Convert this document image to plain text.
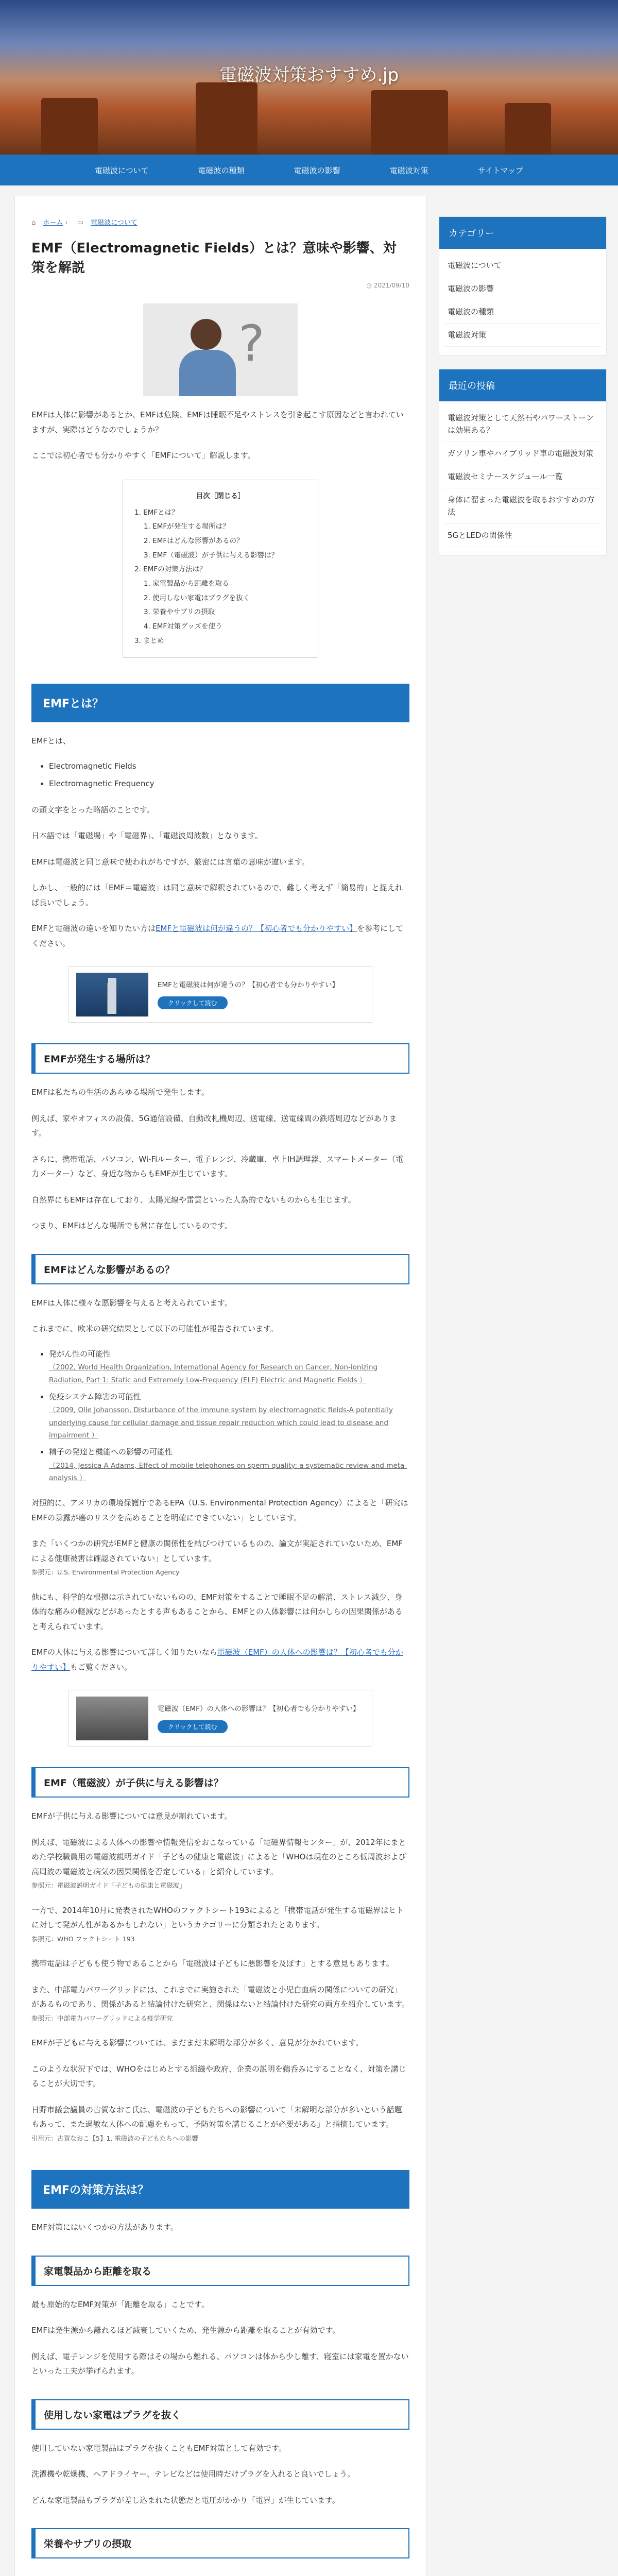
電磁波対策おすすめ.jp
電磁波について	電磁波の種類	電磁波の影響	電磁波対策	サイトマップ
⌂ ホーム › ▭ 電磁波について
EMF（Electromagnetic Fields）とは？意味や影響、対策を解説
◷ 2021/09/10
?

EMFは人体に影響があるとか、EMFは危険、EMFは睡眠不足やストレスを引き起こす原因などと言われていますが、実際はどうなのでしょうか？

ここでは初心者でも分かりやすく「EMFについて」解説します。

目次［閉じる］
1. EMFとは？
1. EMFが発生する場所は？
2. EMFはどんな影響があるの？
3. EMF（電磁波）が子供に与える影響は？
2. EMFの対策方法は？
1. 家電製品から距離を取る
2. 使用しない家電はプラグを抜く
3. 栄養やサプリの摂取
4. EMF対策グッズを使う
3. まとめ
EMFとは？

EMFとは、

• Electromagnetic Fields
• Electromagnetic Frequency

の頭文字をとった略語のことです。

日本語では「電磁場」や「電磁界」、「電磁波周波数」となります。

EMFは電磁波と同じ意味で使われがちですが、厳密には言葉の意味が違います。

しかし、一般的には「EMF＝電磁波」は同じ意味で解釈されているので、難しく考えず「簡易的」と捉えれば良いでしょう。

EMFと電磁波の違いを知りたい方はEMFと電磁波は何が違うの？【初心者でも分かりやすい】を参考にしてください。

EMFと電磁波は何が違うの？【初心者でも分かりやすい】
クリックして読む
EMFが発生する場所は？

EMFは私たちの生活のあらゆる場所で発生します。

例えば、家やオフィスの設備、5G通信設備、自動改札機周辺、送電線、送電線間の鉄塔周辺などがあります。

さらに、携帯電話、パソコン、Wi-Fiルーター、電子レンジ、冷蔵庫、卓上IH調理器、スマートメーター（電力メーター）など、身近な物からもEMFが生じています。

自然界にもEMFは存在しており、太陽光線や雷雲といった人為的でないものからも生じます。

つまり、EMFはどんな場所でも常に存在しているのです。

EMFはどんな影響があるの？

EMFは人体に様々な悪影響を与えると考えられています。

これまでに、欧米の研究結果として以下の可能性が報告されています。

• 発がん性の可能性
（2002, World Health Organization, International Agency for Research on Cancer, Non-ionizing Radiation, Part 1: Static and Extremely Low-Frequency (ELF) Electric and Magnetic Fields ）
• 免疫システム障害の可能性
（2009, Olle Johansson, Disturbance of the immune system by electromagnetic fields-A potentially underlying cause for cellular damage and tissue repair reduction which could lead to disease and impairment ）
• 精子の発達と機能への影響の可能性
（2014, Jessica A Adams, Effect of mobile telephones on sperm quality: a systematic review and meta-analysis ）

対照的に、アメリカの環境保護庁であるEPA（U.S. Environmental Protection Agency）によると「研究はEMFの暴露が癌のリスクを高めることを明確にできていない」としています。

また「いくつかの研究がEMFと健康の関係性を結びつけているものの、論文が実証されていないため、EMFによる健康被害は確認されていない」としています。

参照元：U.S. Environmental Protection Agency

他にも、科学的な根拠は示されていないものの、EMF対策をすることで睡眠不足の解消、ストレス減少、身体的な痛みの軽減などがあったとする声もあることから、EMFとの人体影響には何かしらの因果関係があると考えられています。

EMFの人体に与える影響について詳しく知りたいなら電磁波（EMF）の人体への影響は？【初心者でも分かりやすい】もご覧ください。

電磁波（EMF）の人体への影響は？【初心者でも分かりやすい】
クリックして読む
EMF（電磁波）が子供に与える影響は？

EMFが子供に与える影響については意見が割れています。

例えば、電磁波による人体への影響や情報発信をおこなっている「電磁界情報センター」が、2012年にまとめた学校職員用の電磁波説明ガイド「子どもの健康と電磁波」によると「WHOは現在のところ低周波および高周波の電磁波と病気の因果関係を否定している」と紹介しています。

参照元：電磁波説明ガイド「子どもの健康と電磁波」

一方で、2014年10月に発表されたWHOのファクトシート193によると「携帯電話が発生する電磁界はヒトに対して発がん性があるかもしれない」というカテゴリーに分類されたとあります。

参照元：WHO ファクトシート 193

携帯電話は子どもも使う物であることから「電磁波は子どもに悪影響を及ぼす」とする意見もあります。

また、中部電力パワーグリッドには、これまでに実施された「電磁波と小児白血病の関係についての研究」があるものであり、関係があると結論付けた研究と、関係はないと結論付けた研究の両方を紹介しています。

参照元：中部電力パワーグリッドによる疫学研究

EMFが子どもに与える影響については、まだまだ未解明な部分が多く、意見が分かれています。

このような状況下では、WHOをはじめとする組織や政府、企業の説明を鵜呑みにすることなく、対策を講じることが大切です。

日野市議会議員の古賀なおこ氏は、電磁波の子どもたちへの影響について「未解明な部分が多いという話題もあって、また過敏な人体への配慮をもって、予防対策を講じることが必要がある」と指摘しています。

引用元：古賀なおこ【5】1. 電磁波の子どもたちへの影響
EMFの対策方法は？

EMF対策にはいくつかの方法があります。

家電製品から距離を取る

最も原始的なEMF対策が「距離を取る」ことです。

EMFは発生源から離れるほど減衰していくため、発生源から距離を取ることが有効です。

例えば、電子レンジを使用する際はその場から離れる、パソコンは体から少し離す、寝室には家電を置かないといった工夫が挙げられます。

使用しない家電はプラグを抜く

使用していない家電製品はプラグを抜くこともEMF対策として有効です。

洗濯機や乾燥機、ヘアドライヤー、テレビなどは使用時だけプラグを入れると良いでしょう。

どんな家電製品もプラグが差し込まれた状態だと電圧がかかり「電界」が生じています。

栄養やサプリの摂取
カテゴリー
電磁波について
電磁波の影響
電磁波の種類
電磁波対策
最近の投稿
電磁波対策として天然石やパワーストーンは効果ある？
ガソリン車やハイブリッド車の電磁波対策
電磁波セミナースケジュール一覧
身体に溜まった電磁波を取るおすすめの方法
5GとLEDの関係性
